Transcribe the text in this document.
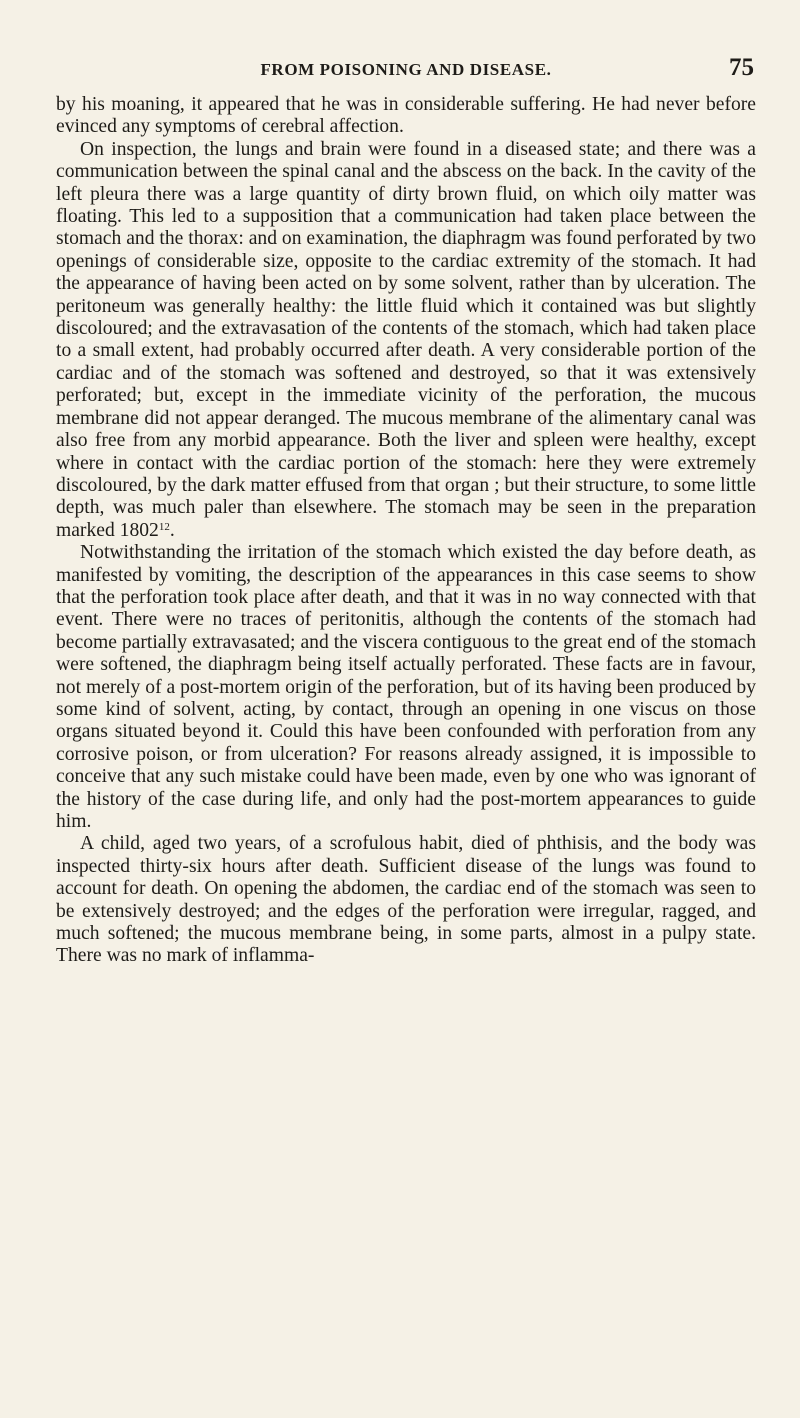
FROM POISONING AND DISEASE.	75

by his moaning, it appeared that he was in considerable suffering. He had never before evinced any symptoms of cerebral affection.

On inspection, the lungs and brain were found in a diseased state; and there was a communication between the spinal canal and the abscess on the back. In the cavity of the left pleura there was a large quantity of dirty brown fluid, on which oily matter was floating. This led to a supposition that a communication had taken place between the stomach and the thorax: and on examination, the diaphragm was found perforated by two openings of considerable size, opposite to the cardiac extremity of the stomach. It had the appearance of having been acted on by some solvent, rather than by ulceration. The peritoneum was generally healthy: the little fluid which it contained was but slightly discoloured; and the extravasation of the contents of the stomach, which had taken place to a small extent, had probably occurred after death. A very considerable portion of the cardiac and of the stomach was softened and destroyed, so that it was extensively perforated; but, except in the immediate vicinity of the perforation, the mucous membrane did not appear deranged. The mucous membrane of the alimentary canal was also free from any morbid appearance. Both the liver and spleen were healthy, except where in contact with the cardiac portion of the stomach: here they were extremely discoloured, by the dark matter effused from that organ ; but their structure, to some little depth, was much paler than elsewhere. The stomach may be seen in the preparation marked 1802$^{12}$.

Notwithstanding the irritation of the stomach which existed the day before death, as manifested by vomiting, the description of the appearances in this case seems to show that the perforation took place after death, and that it was in no way connected with that event. There were no traces of peritonitis, although the contents of the stomach had become partially extravasated; and the viscera contiguous to the great end of the stomach were softened, the diaphragm being itself actually perforated. These facts are in favour, not merely of a post-mortem origin of the perforation, but of its having been produced by some kind of solvent, acting, by contact, through an opening in one viscus on those organs situated beyond it. Could this have been confounded with perforation from any corrosive poison, or from ulceration? For reasons already assigned, it is impossible to conceive that any such mistake could have been made, even by one who was ignorant of the history of the case during life, and only had the post-mortem appearances to guide him.

A child, aged two years, of a scrofulous habit, died of phthisis, and the body was inspected thirty-six hours after death. Sufficient disease of the lungs was found to account for death. On opening the abdomen, the cardiac end of the stomach was seen to be extensively destroyed; and the edges of the perforation were irregular, ragged, and much softened; the mucous membrane being, in some parts, almost in a pulpy state. There was no mark of inflamma-
